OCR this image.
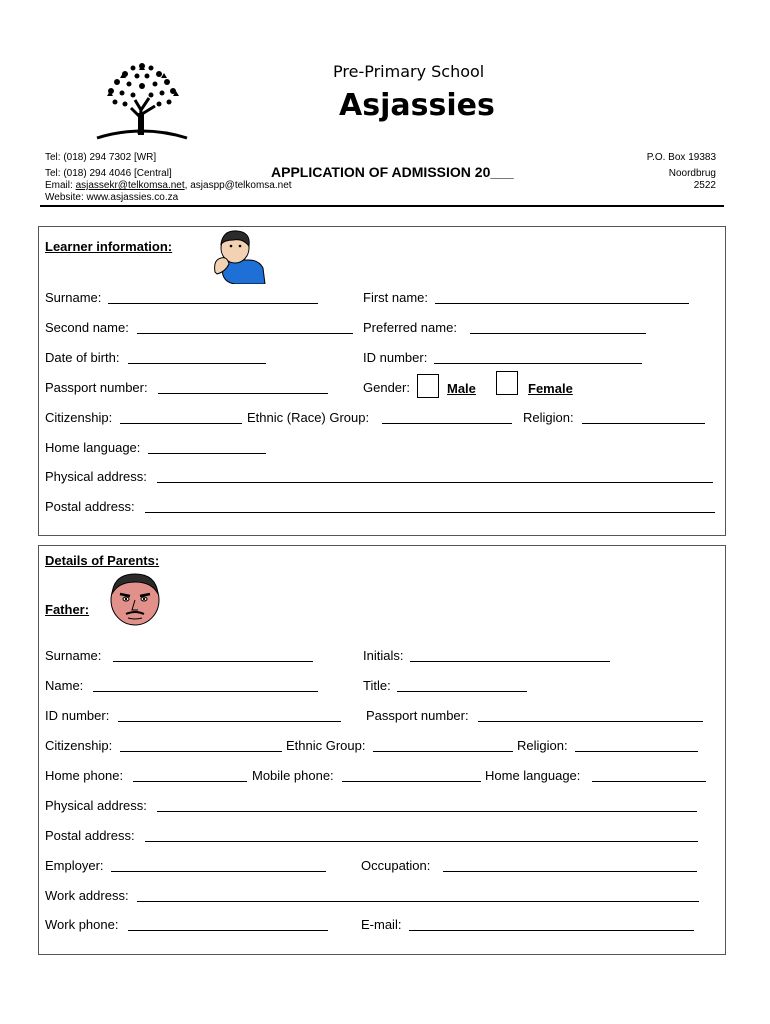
Pre-Primary School
Asjassies
Tel: (018) 294 7302 [WR]
Tel: (018) 294 4046 [Central]
Email: asjassekr@telkomsa.net, asjaspp@telkomsa.net
Website: www.asjassies.co.za
APPLICATION OF ADMISSION 20___
P.O. Box 19383
Noordbrug
2522
Learner information:
Surname:	First name:
Second name:	Preferred name:
Date of birth:	ID number:
Passport number:	Gender:	Male	Female
Citizenship:	Ethnic (Race) Group:	Religion:
Home language:
Physical address:
Postal address:
Details of Parents:
Father:
Surname:	Initials:
Name:	Title:
ID number:	Passport number:
Citizenship:	Ethnic Group:	Religion:
Home phone:	Mobile phone:	Home language:
Physical address:
Postal address:
Employer:	Occupation:
Work address:
Work phone:	E-mail:
